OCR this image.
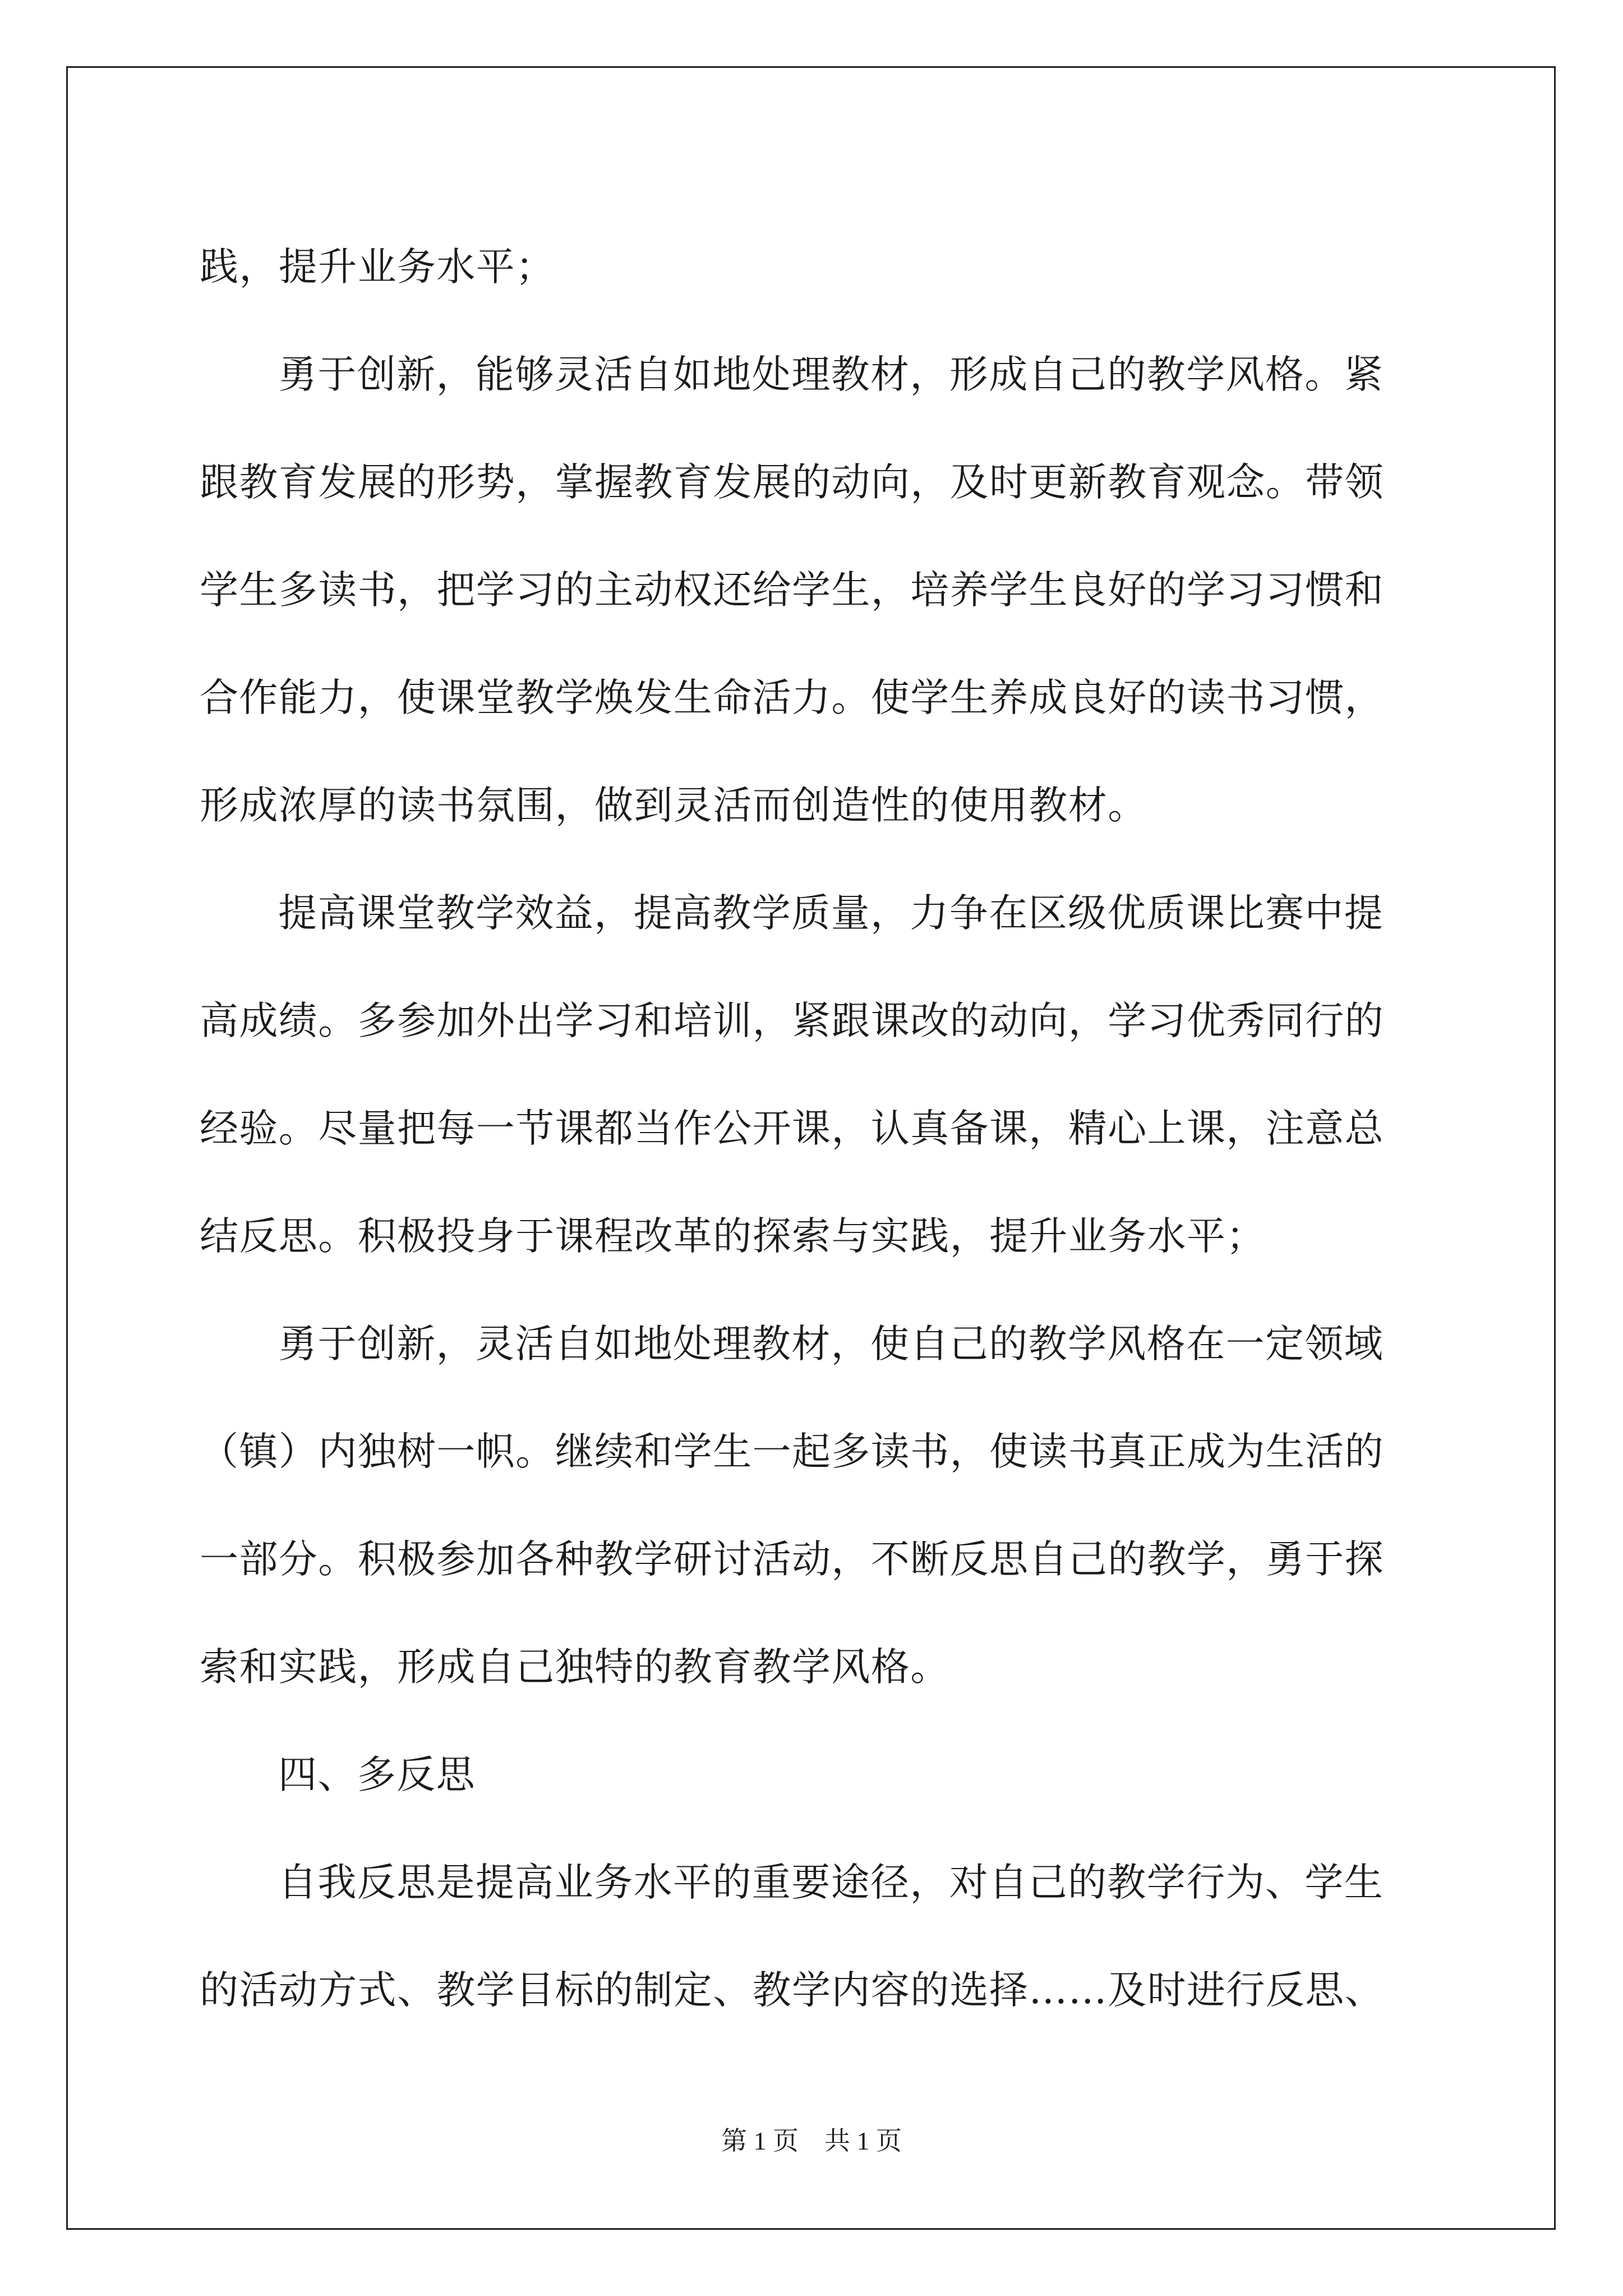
践，提升业务水平；
勇于创新，能够灵活自如地处理教材，形成自己的教学风格。紧
跟教育发展的形势，掌握教育发展的动向，及时更新教育观念。带领
学生多读书，把学习的主动权还给学生，培养学生良好的学习习惯和
合作能力，使课堂教学焕发生命活力。使学生养成良好的读书习惯，
形成浓厚的读书氛围，做到灵活而创造性的使用教材。
提高课堂教学效益，提高教学质量，力争在区级优质课比赛中提
高成绩。多参加外出学习和培训，紧跟课改的动向，学习优秀同行的
经验。尽量把每一节课都当作公开课，认真备课，精心上课，注意总
结反思。积极投身于课程改革的探索与实践，提升业务水平；
勇于创新，灵活自如地处理教材，使自己的教学风格在一定领域
（镇）内独树一帜。继续和学生一起多读书，使读书真正成为生活的
一部分。积极参加各种教学研讨活动，不断反思自己的教学，勇于探
索和实践，形成自己独特的教育教学风格。
四、多反思
自我反思是提高业务水平的重要途径，对自己的教学行为、学生
的活动方式、教学目标的制定、教学内容的选择……及时进行反思、
第 1 页    共 1 页
